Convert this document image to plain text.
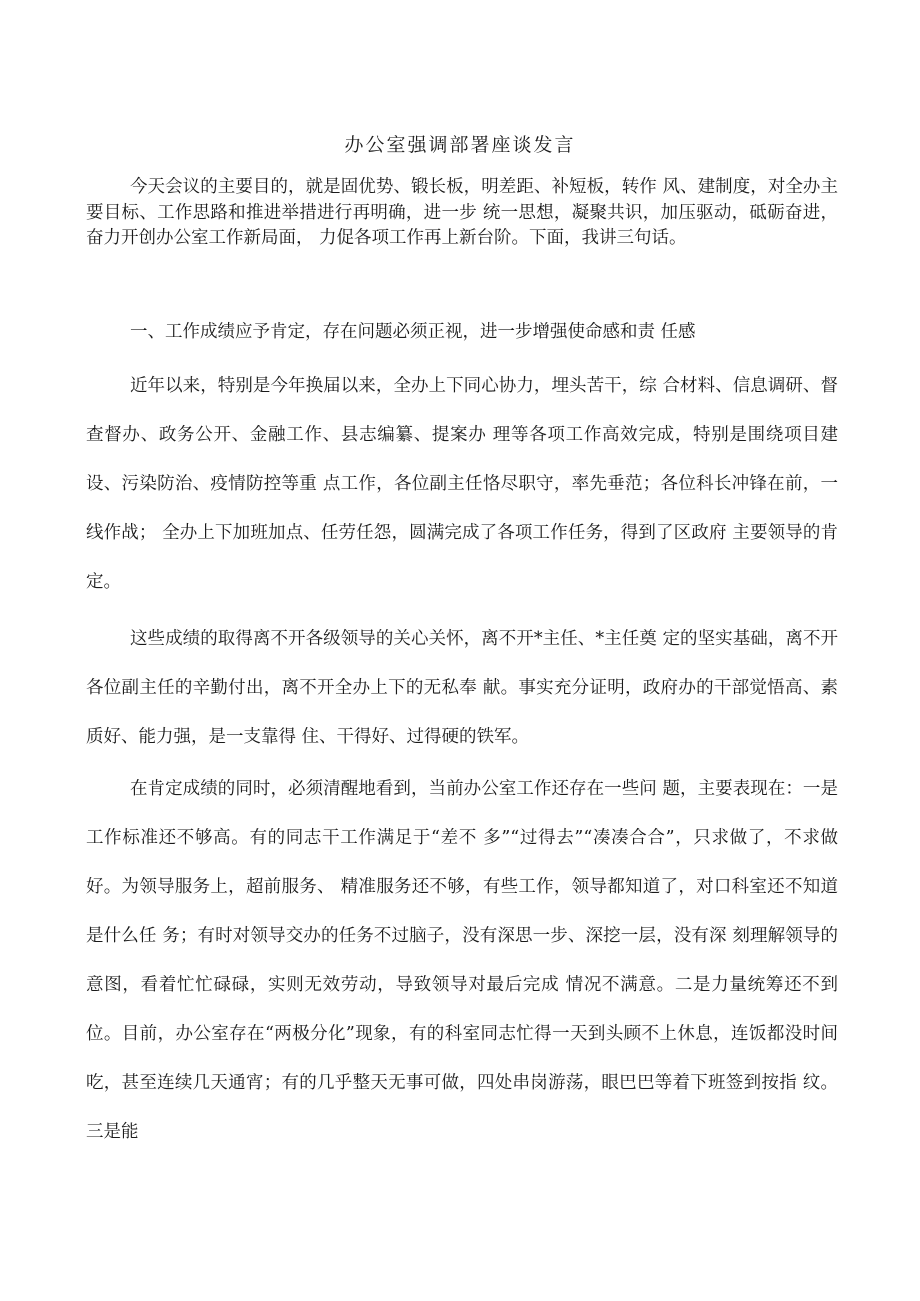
办公室强调部署座谈发言

今天会议的主要目的，就是固优势、锻长板，明差距、补短板，转作 风、建制度，对全办主要目标、工作思路和推进举措进行再明确，进一步 统一思想，凝聚共识，加压驱动，砥砺奋进，奋力开创办公室工作新局面， 力促各项工作再上新台阶。下面，我讲三句话。

一、工作成绩应予肯定，存在问题必须正视，进一步增强使命感和责 任感

近年以来，特别是今年换届以来，全办上下同心协力，埋头苦干，综 合材料、信息调研、督查督办、政务公开、金融工作、县志编纂、提案办 理等各项工作高效完成，特别是围绕项目建设、污染防治、疫情防控等重 点工作，各位副主任恪尽职守，率先垂范；各位科长冲锋在前，一线作战； 全办上下加班加点、任劳任怨，圆满完成了各项工作任务，得到了区政府 主要领导的肯定。

这些成绩的取得离不开各级领导的关心关怀，离不开*主任、*主任奠 定的坚实基础，离不开各位副主任的辛勤付出，离不开全办上下的无私奉 献。事实充分证明，政府办的干部觉悟高、素质好、能力强，是一支靠得 住、干得好、过得硬的铁军。

在肯定成绩的同时，必须清醒地看到，当前办公室工作还存在一些问 题，主要表现在：一是工作标准还不够高。有的同志干工作满足于“差不 多”“过得去”“凑凑合合”，只求做了，不求做好。为领导服务上，超前服务、 精准服务还不够，有些工作，领导都知道了，对口科室还不知道是什么任 务；有时对领导交办的任务不过脑子，没有深思一步、深挖一层，没有深 刻理解领导的意图，看着忙忙碌碌，实则无效劳动，导致领导对最后完成 情况不满意。二是力量统筹还不到位。目前，办公室存在“两极分化”现象，有的科室同志忙得一天到头顾不上休息，连饭都没时间吃，甚至连续几天通宵；有的几乎整天无事可做，四处串岗游荡，眼巴巴等着下班签到按指 纹。三是能
